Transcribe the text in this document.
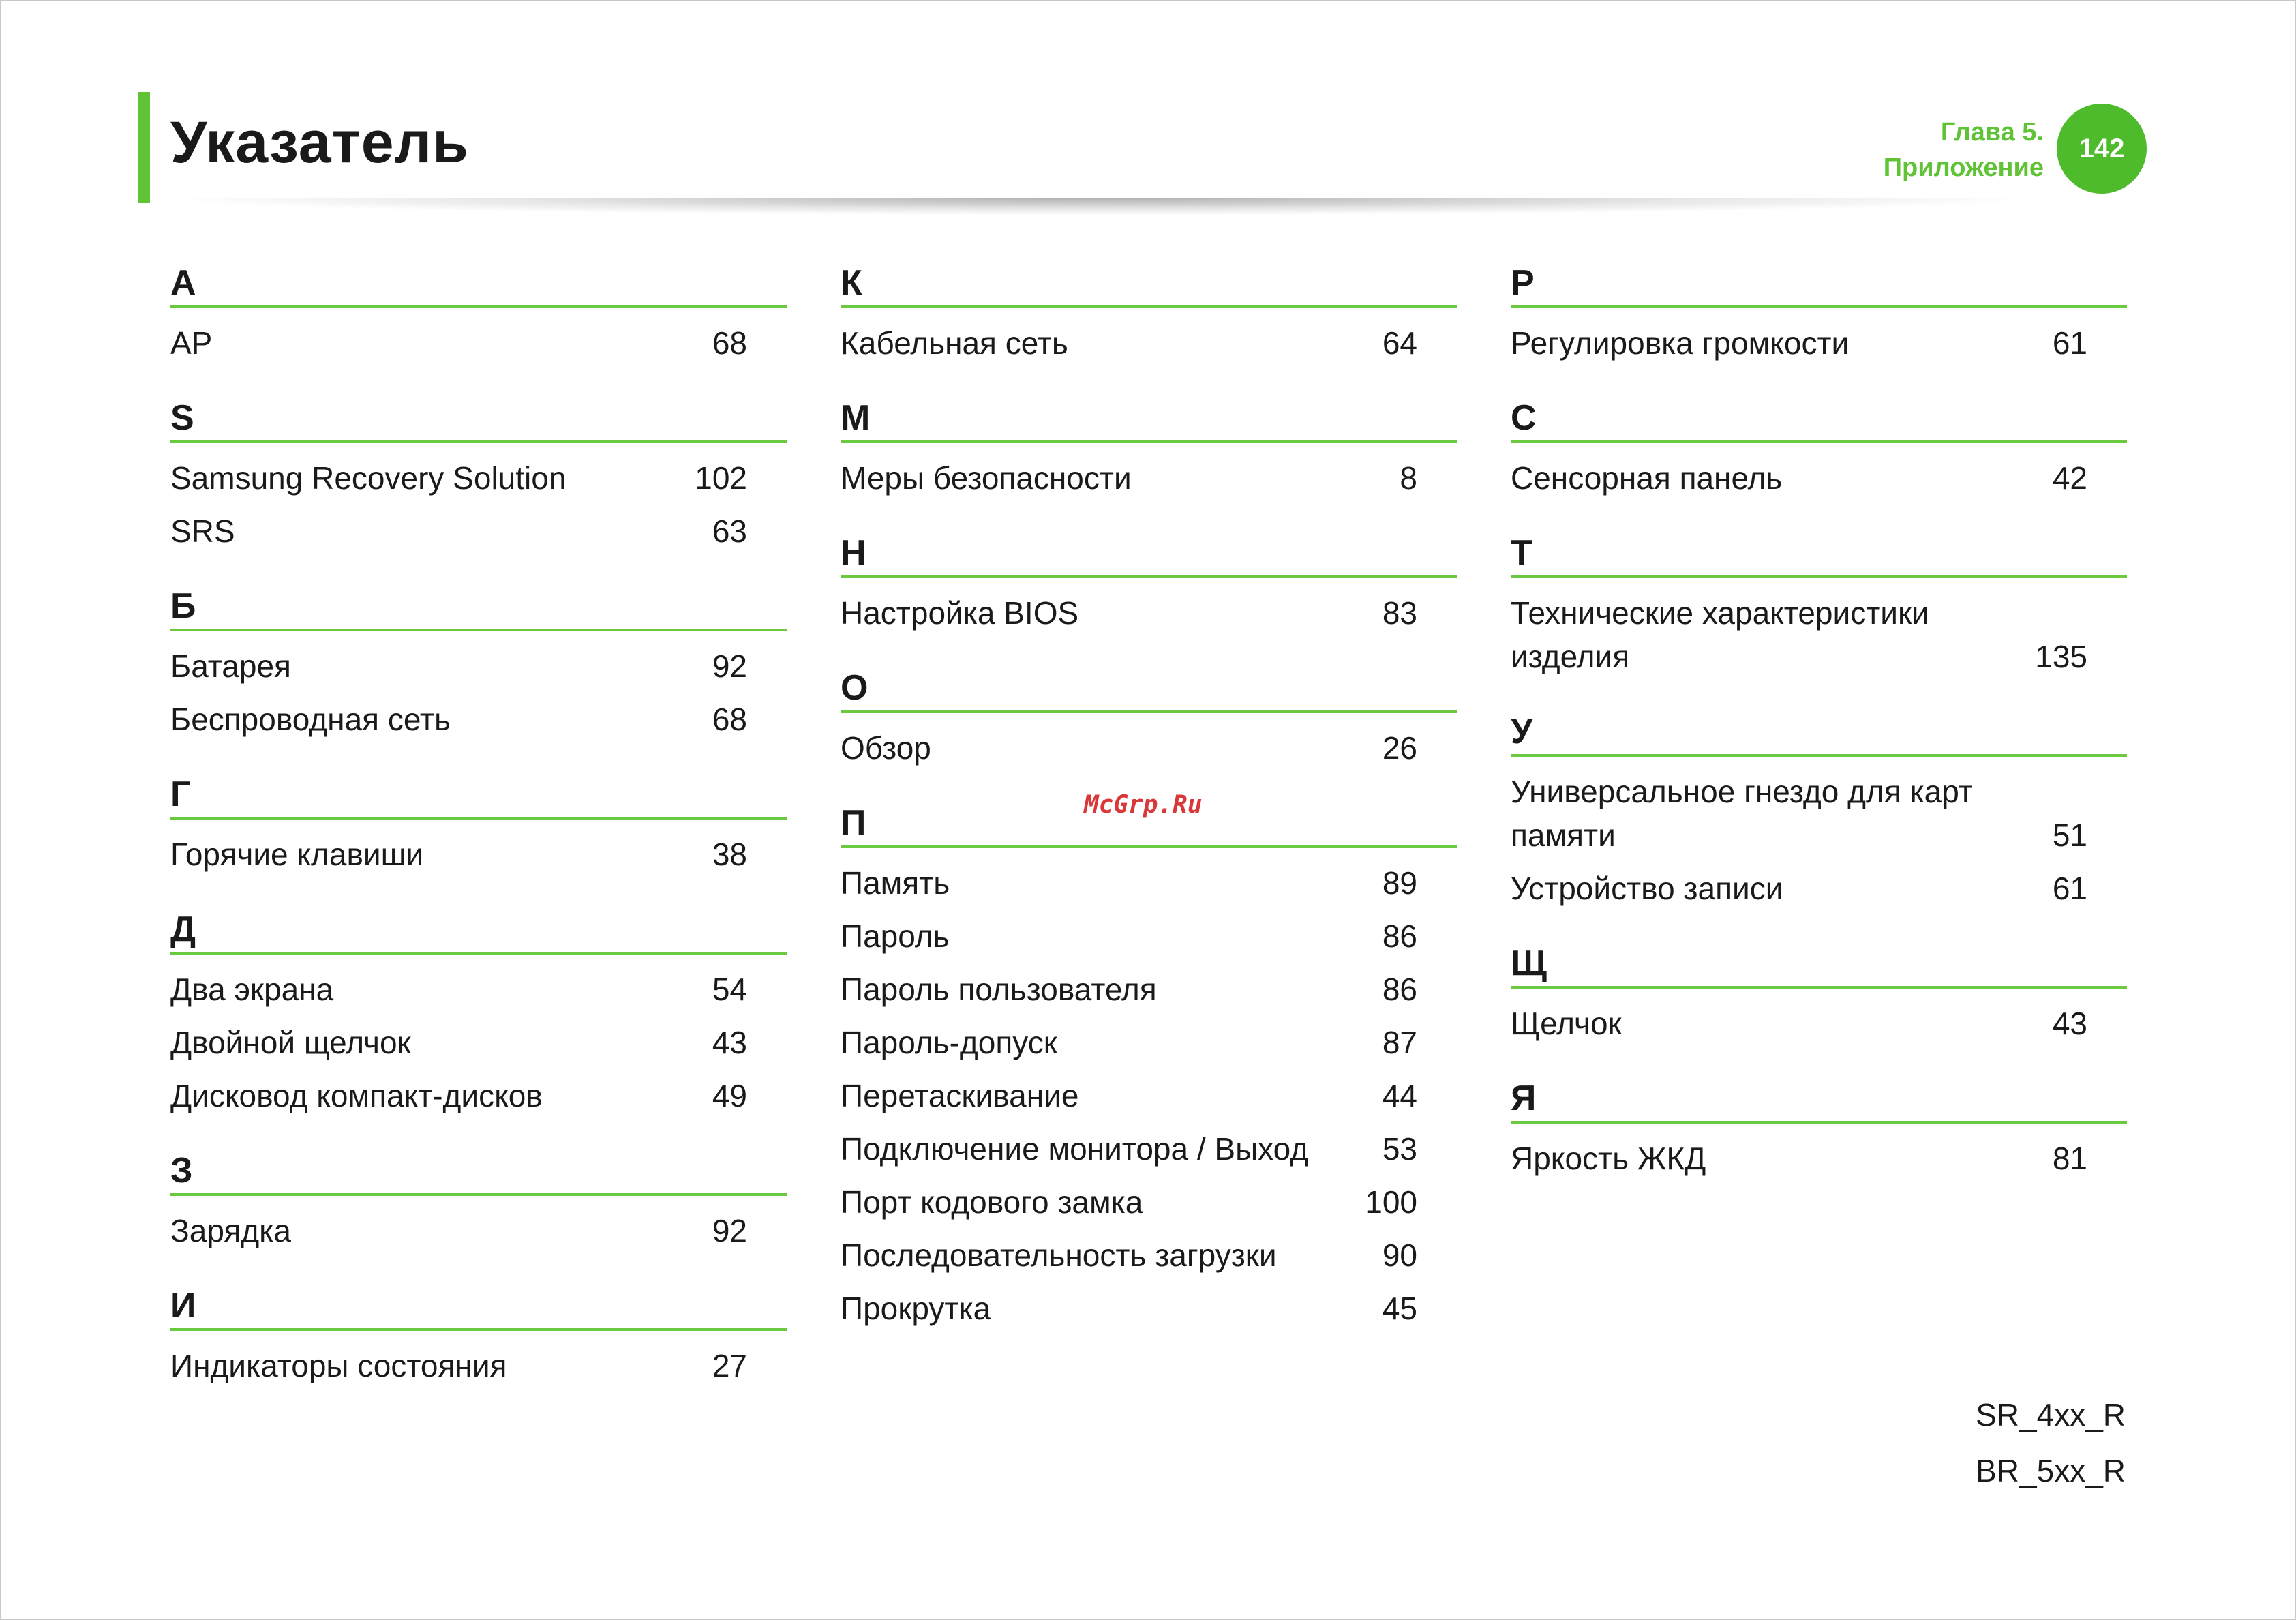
Указатель	Глава 5.
Приложение
142
A
AP	68
S
Samsung Recovery Solution	102
SRS	63
Б
Батарея	92
Беспроводная сеть	68
Г
Горячие клавиши	38
Д
Два экрана	54
Двойной щелчок	43
Дисковод компакт-дисков	49
З
Зарядка	92
И
Индикаторы состояния	27
К
Кабельная сеть	64
М
Меры безопасности	8
Н
Настройка BIOS	83
О
Обзор	26
П
Память	89
Пароль	86
Пароль пользователя	86
Пароль-допуск	87
Перетаскивание	44
Подключение монитора / Выход	53
Порт кодового замка	100
Последовательность загрузки	90
Прокрутка	45
Р
Регулировка громкости	61
С
Сенсорная панель	42
Т
Технические характеристики изделия	135
У
Универсальное гнездо для карт памяти	51
Устройство записи	61
Щ
Щелчок	43
Я
Яркость ЖКД	81
McGrp.Ru
SR_4xx_R
BR_5xx_R
